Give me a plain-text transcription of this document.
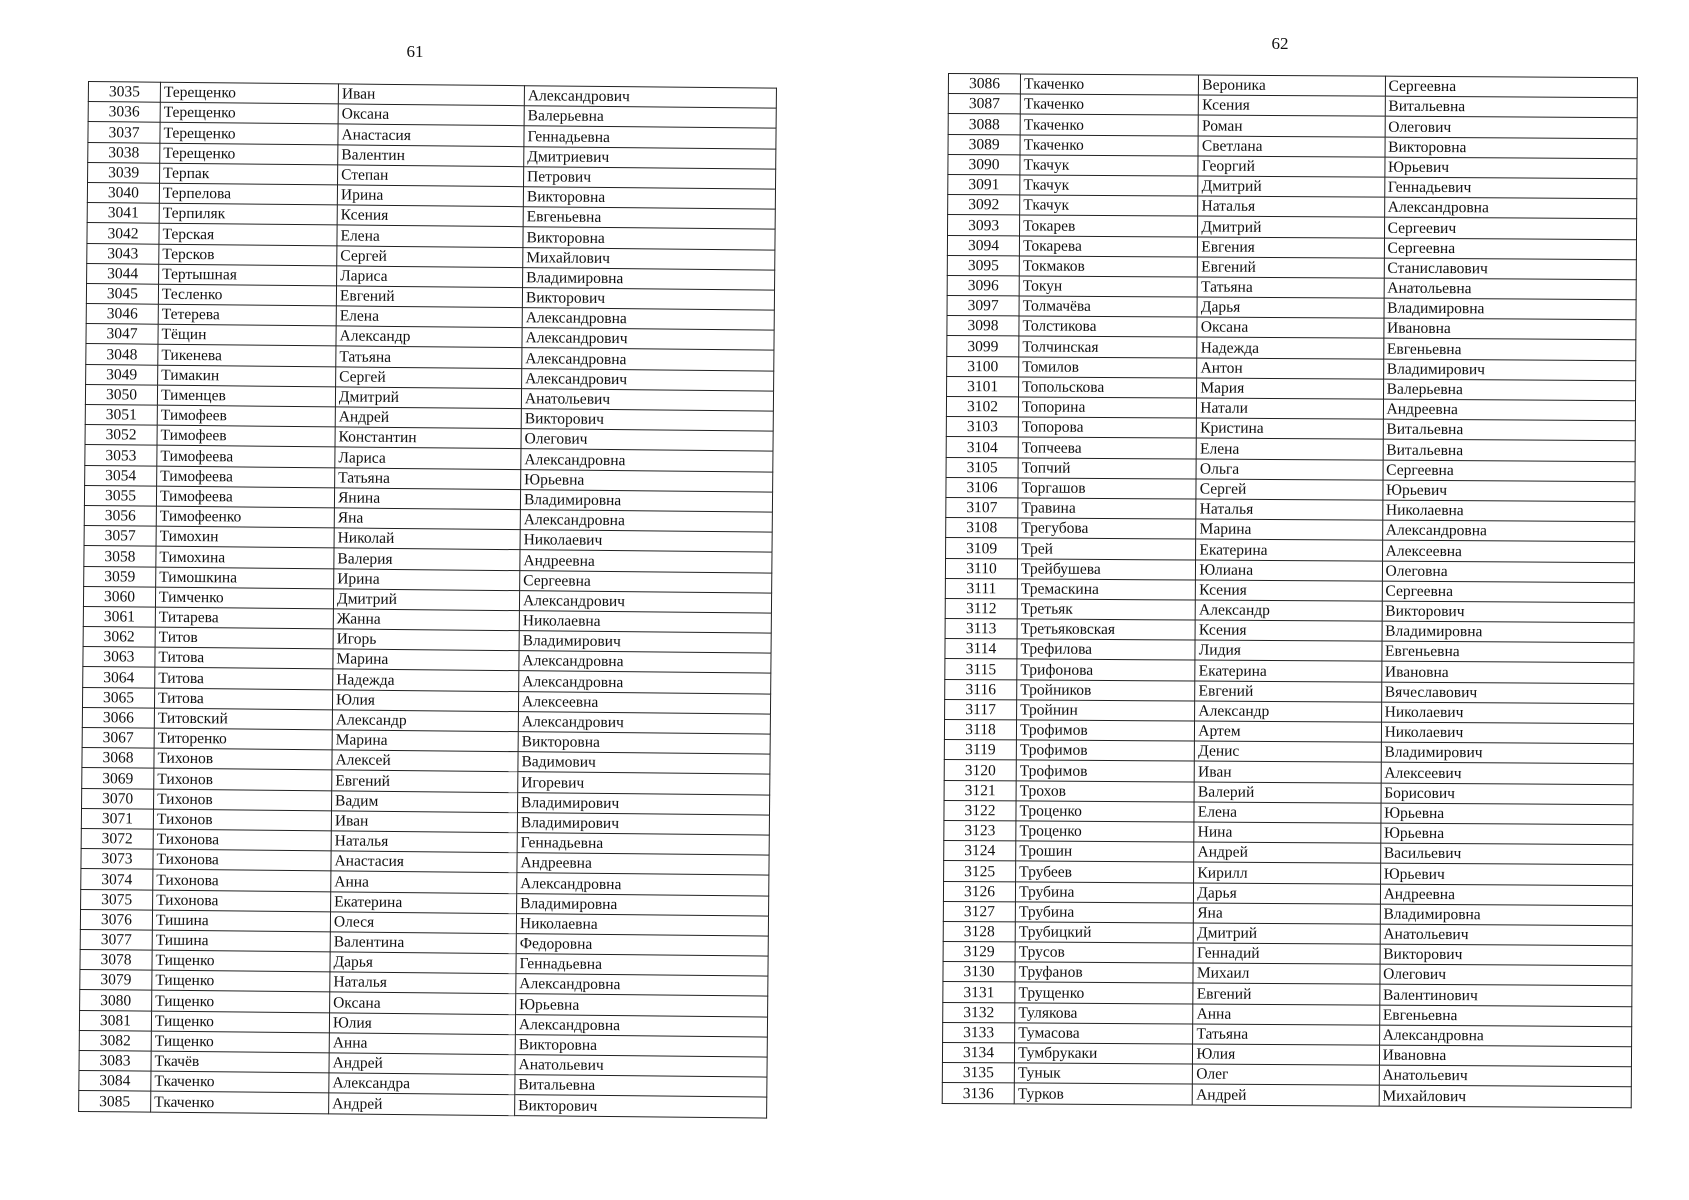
61
3035	Терещенко	Иван	Александрович
3036	Терещенко	Оксана	Валерьевна
3037	Терещенко	Анастасия	Геннадьевна
3038	Терещенко	Валентин	Дмитриевич
3039	Терпак	Степан	Петрович
3040	Терпелова	Ирина	Викторовна
3041	Терпиляк	Ксения	Евгеньевна
3042	Терская	Елена	Викторовна
3043	Терсков	Сергей	Михайлович
3044	Тертышная	Лариса	Владимировна
3045	Тесленко	Евгений	Викторович
3046	Тетерева	Елена	Александровна
3047	Тёщин	Александр	Александрович
3048	Тикенева	Татьяна	Александровна
3049	Тимакин	Сергей	Александрович
3050	Тименцев	Дмитрий	Анатольевич
3051	Тимофеев	Андрей	Викторович
3052	Тимофеев	Константин	Олегович
3053	Тимофеева	Лариса	Александровна
3054	Тимофеева	Татьяна	Юрьевна
3055	Тимофеева	Янина	Владимировна
3056	Тимофеенко	Яна	Александровна
3057	Тимохин	Николай	Николаевич
3058	Тимохина	Валерия	Андреевна
3059	Тимошкина	Ирина	Сергеевна
3060	Тимченко	Дмитрий	Александрович
3061	Титарева	Жанна	Николаевна
3062	Титов	Игорь	Владимирович
3063	Титова	Марина	Александровна
3064	Титова	Надежда	Александровна
3065	Титова	Юлия	Алексеевна
3066	Титовский	Александр	Александрович
3067	Титоренко	Марина	Викторовна
3068	Тихонов	Алексей	Вадимович
3069	Тихонов	Евгений	Игоревич
3070	Тихонов	Вадим	Владимирович
3071	Тихонов	Иван	Владимирович
3072	Тихонова	Наталья	Геннадьевна
3073	Тихонова	Анастасия	Андреевна
3074	Тихонова	Анна	Александровна
3075	Тихонова	Екатерина	Владимировна
3076	Тишина	Олеся	Николаевна
3077	Тишина	Валентина	Федоровна
3078	Тищенко	Дарья	Геннадьевна
3079	Тищенко	Наталья	Александровна
3080	Тищенко	Оксана	Юрьевна
3081	Тищенко	Юлия	Александровна
3082	Тищенко	Анна	Викторовна
3083	Ткачёв	Андрей	Анатольевич
3084	Ткаченко	Александра	Витальевна
3085	Ткаченко	Андрей	Викторович
62
3086	Ткаченко	Вероника	Сергеевна
3087	Ткаченко	Ксения	Витальевна
3088	Ткаченко	Роман	Олегович
3089	Ткаченко	Светлана	Викторовна
3090	Ткачук	Георгий	Юрьевич
3091	Ткачук	Дмитрий	Геннадьевич
3092	Ткачук	Наталья	Александровна
3093	Токарев	Дмитрий	Сергеевич
3094	Токарева	Евгения	Сергеевна
3095	Токмаков	Евгений	Станиславович
3096	Токун	Татьяна	Анатольевна
3097	Толмачёва	Дарья	Владимировна
3098	Толстикова	Оксана	Ивановна
3099	Толчинская	Надежда	Евгеньевна
3100	Томилов	Антон	Владимирович
3101	Топольскова	Мария	Валерьевна
3102	Топорина	Натали	Андреевна
3103	Топорова	Кристина	Витальевна
3104	Топчеева	Елена	Витальевна
3105	Топчий	Ольга	Сергеевна
3106	Торгашов	Сергей	Юрьевич
3107	Травина	Наталья	Николаевна
3108	Трегубова	Марина	Александровна
3109	Трей	Екатерина	Алексеевна
3110	Трейбушева	Юлиана	Олеговна
3111	Тремаскина	Ксения	Сергеевна
3112	Третьяк	Александр	Викторович
3113	Третьяковская	Ксения	Владимировна
3114	Трефилова	Лидия	Евгеньевна
3115	Трифонова	Екатерина	Ивановна
3116	Тройников	Евгений	Вячеславович
3117	Тройнин	Александр	Николаевич
3118	Трофимов	Артем	Николаевич
3119	Трофимов	Денис	Владимирович
3120	Трофимов	Иван	Алексеевич
3121	Трохов	Валерий	Борисович
3122	Троценко	Елена	Юрьевна
3123	Троценко	Нина	Юрьевна
3124	Трошин	Андрей	Васильевич
3125	Трубеев	Кирилл	Юрьевич
3126	Трубина	Дарья	Андреевна
3127	Трубина	Яна	Владимировна
3128	Трубицкий	Дмитрий	Анатольевич
3129	Трусов	Геннадий	Викторович
3130	Труфанов	Михаил	Олегович
3131	Трущенко	Евгений	Валентинович
3132	Тулякова	Анна	Евгеньевна
3133	Тумасова	Татьяна	Александровна
3134	Тумбрукаки	Юлия	Ивановна
3135	Тунык	Олег	Анатольевич
3136	Турков	Андрей	Михайлович
